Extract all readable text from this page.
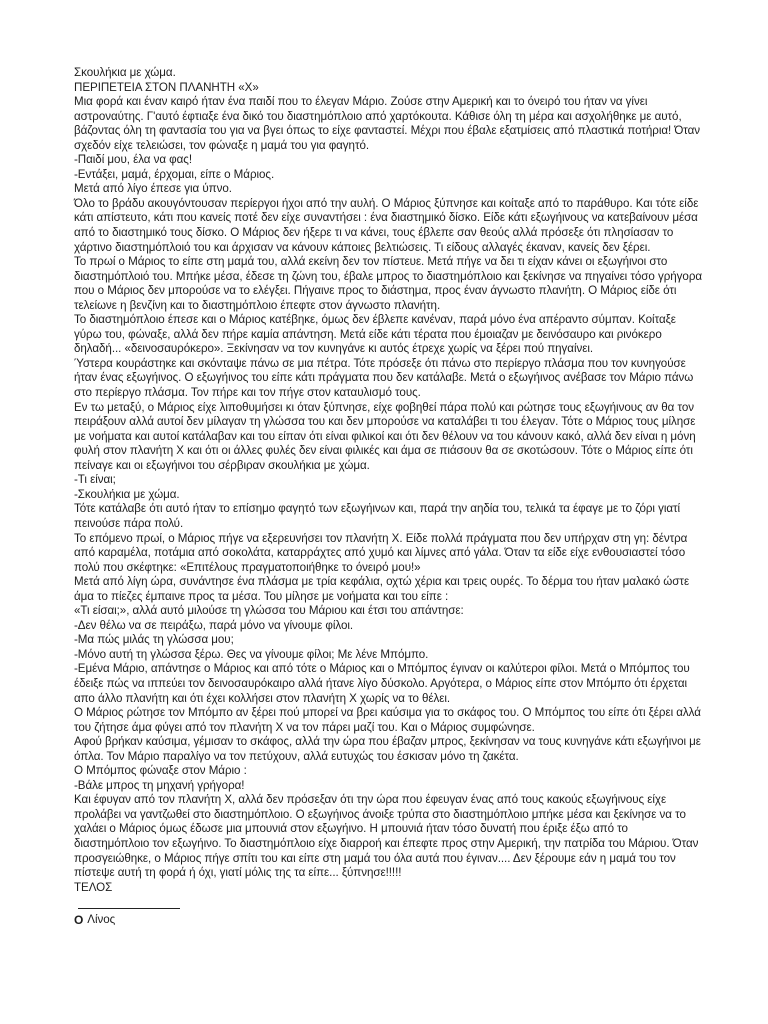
Σκουλήκια με χώμα.

ΠΕΡΙΠΕΤΕΙΑ ΣΤΟΝ ΠΛΑΝΗΤΗ «Χ»

Μια φορά και έναν καιρό ήταν ένα παιδί που το έλεγαν Μάριο. Ζούσε στην Αμερική και το όνειρό του ήταν να γίνει αστροναύτης. Γ'αυτό έφτιαξε ένα δικό του διαστημόπλοιο από χαρτόκουτα. Κάθισε όλη τη μέρα και ασχολήθηκε με αυτό, βάζοντας όλη τη φαντασία του για να βγει όπως το είχε φανταστεί. Μέχρι που έβαλε εξατμίσεις από πλαστικά ποτήρια! Όταν σχεδόν είχε τελειώσει, τον φώναξε η μαμά του για φαγητό.

-Παιδί μου, έλα να φας!

-Εντάξει, μαμά, έρχομαι, είπε ο Μάριος.

Μετά από λίγο έπεσε για ύπνο.

Όλο το βράδυ ακουγόντουσαν περίεργοι ήχοι από την αυλή. Ο Μάριος ξύπνησε και κοίταξε από το παράθυρο. Και τότε είδε κάτι απίστευτο, κάτι που κανείς ποτέ δεν είχε συναντήσει : ένα διαστημικό δίσκο. Είδε κάτι εξωγήινους να κατεβαίνουν μέσα από το διαστημικό τους δίσκο. Ο Μάριος δεν ήξερε τι να κάνει, τους έβλεπε σαν θεούς αλλά πρόσεξε ότι πλησίασαν το χάρτινο διαστημόπλοιό του και άρχισαν να κάνουν κάποιες βελτιώσεις. Τι είδους αλλαγές έκαναν, κανείς δεν ξέρει.

Το πρωί ο Μάριος το είπε στη μαμά του, αλλά εκείνη δεν τον πίστευε. Μετά πήγε να δει τι είχαν κάνει οι εξωγήινοι στο διαστημόπλοιό του. Μπήκε μέσα, έδεσε τη ζώνη του, έβαλε μπρος το διαστημόπλοιο και ξεκίνησε να πηγαίνει τόσο γρήγορα που ο Μάριος δεν μπορούσε να το ελέγξει. Πήγαινε προς το διάστημα, προς έναν άγνωστο πλανήτη. Ο Μάριος είδε ότι τελείωνε η βενζίνη και το διαστημόπλοιο έπεφτε στον άγνωστο πλανήτη.

Το διαστημόπλοιο έπεσε και ο Μάριος κατέβηκε, όμως δεν έβλεπε κανέναν, παρά μόνο ένα απέραντο σύμπαν. Κοίταξε γύρω του, φώναξε, αλλά δεν πήρε καμία απάντηση. Μετά είδε κάτι τέρατα που έμοιαζαν με δεινόσαυρο και ρινόκερο δηλαδή... «δεινοσαυρόκερο». Ξεκίνησαν να τον κυνηγάνε κι αυτός έτρεχε χωρίς να ξέρει πού πηγαίνει.

Ύστερα κουράστηκε και σκόνταψε πάνω σε μια πέτρα. Τότε πρόσεξε ότι πάνω στο περίεργο πλάσμα που τον κυνηγούσε ήταν ένας εξωγήινος. Ο εξωγήινος του είπε κάτι πράγματα που δεν κατάλαβε. Μετά ο εξωγήινος ανέβασε τον Μάριο πάνω στο περίεργο πλάσμα. Τον πήρε και τον πήγε στον καταυλισμό τους.

Εν τω μεταξύ, ο Μάριος είχε λιποθυμήσει κι όταν ξύπνησε, είχε φοβηθεί πάρα πολύ και ρώτησε τους εξωγήινους αν θα τον πειράξουν αλλά αυτοί δεν μίλαγαν τη γλώσσα του και δεν μπορούσε να καταλάβει τι του έλεγαν. Τότε ο Μάριος τους μίλησε με νοήματα και αυτοί κατάλαβαν και του είπαν ότι είναι φιλικοί και ότι δεν θέλουν να του κάνουν κακό, αλλά δεν είναι η μόνη φυλή στον πλανήτη Χ και ότι οι άλλες φυλές δεν είναι φιλικές και άμα σε πιάσουν θα σε σκοτώσουν. Τότε ο Μάριος είπε ότι πείναγε και οι εξωγήινοι του σέρβιραν σκουλήκια με χώμα.

-Τι είναι;

-Σκουλήκια με χώμα.

Τότε κατάλαβε ότι αυτό ήταν το επίσημο φαγητό των εξωγήινων και, παρά την αηδία του, τελικά τα έφαγε με το ζόρι γιατί πεινούσε πάρα πολύ.

Το επόμενο πρωί, ο Μάριος πήγε να εξερευνήσει τον πλανήτη Χ. Είδε πολλά πράγματα που δεν υπήρχαν στη γη: δέντρα από καραμέλα, ποτάμια από σοκολάτα, καταρράχτες από χυμό και λίμνες από γάλα. Όταν τα είδε είχε ενθουσιαστεί τόσο πολύ που σκέφτηκε: «Επιτέλους πραγματοποιήθηκε το όνειρό μου!»

Μετά από λίγη ώρα, συνάντησε ένα πλάσμα με τρία κεφάλια, οχτώ χέρια και τρεις ουρές. Το δέρμα του ήταν μαλακό ώστε άμα το πίεζες έμπαινε προς τα μέσα. Του μίλησε με νοήματα και του είπε :

«Τι είσαι;», αλλά αυτό μιλούσε τη γλώσσα του Μάριου και έτσι του απάντησε:

-Δεν θέλω να σε πειράξω, παρά μόνο να γίνουμε φίλοι.

-Μα πώς μιλάς τη γλώσσα μου;

-Μόνο αυτή τη γλώσσα ξέρω. Θες να γίνουμε φίλοι; Με λένε Μπόμπο.

-Εμένα Μάριο, απάντησε ο Μάριος και από τότε ο Μάριος και ο Μπόμπος έγιναν οι καλύτεροι φίλοι. Μετά ο Μπόμπος του έδειξε πώς να ιππεύει τον δεινοσαυρόκαιρο αλλά ήτανε λίγο δύσκολο. Αργότερα, ο Μάριος είπε στον Μπόμπο ότι έρχεται απο άλλο πλανήτη και ότι έχει κολλήσει στον πλανήτη Χ χωρίς να το θέλει.

Ο Μάριος ρώτησε τον Μπόμπο αν ξέρει πού μπορεί να βρει καύσιμα για το σκάφος του. Ο Μπόμπος του είπε ότι ξέρει αλλά του ζήτησε άμα φύγει από τον πλανήτη Χ να τον πάρει μαζί του. Και ο Μάριος συμφώνησε.

Αφού βρήκαν καύσιμα, γέμισαν το σκάφος, αλλά την ώρα που έβαζαν μπρος, ξεκίνησαν να τους κυνηγάνε κάτι εξωγήινοι με όπλα. Τον Μάριο παραλίγο να τον πετύχουν, αλλά ευτυχώς του έσκισαν μόνο τη ζακέτα.

Ο Μπόμπος φώναξε στον Μάριο :

-Βάλε μπρος τη μηχανή γρήγορα!

Και έφυγαν από τον πλανήτη Χ, αλλά δεν πρόσεξαν ότι την ώρα που έφευγαν ένας από τους κακούς εξωγήινους είχε προλάβει να γαντζωθεί στο διαστημόπλοιο. Ο εξωγήινος άνοιξε τρύπα στο διαστημόπλοιο μπήκε μέσα και ξεκίνησε να το χαλάει ο Μάριος όμως έδωσε μια μπουνιά στον εξωγήινο. Η μπουνιά ήταν τόσο δυνατή που έριξε έξω από το διαστημόπλοιο τον εξωγήινο. Το διαστημόπλοιο είχε διαρροή και έπεφτε προς στην Αμερική, την πατρίδα του Μάριου. Όταν προσγειώθηκε, ο Μάριος πήγε σπίτι του και είπε στη μαμά του όλα αυτά που έγιναν.... Δεν ξέρουμε εάν η μαμά του τον πίστεψε αυτή τη φορά ή όχι, γιατί μόλις της τα είπε... ξύπνησε!!!!!

ΤΕΛΟΣ

O Λίνος
